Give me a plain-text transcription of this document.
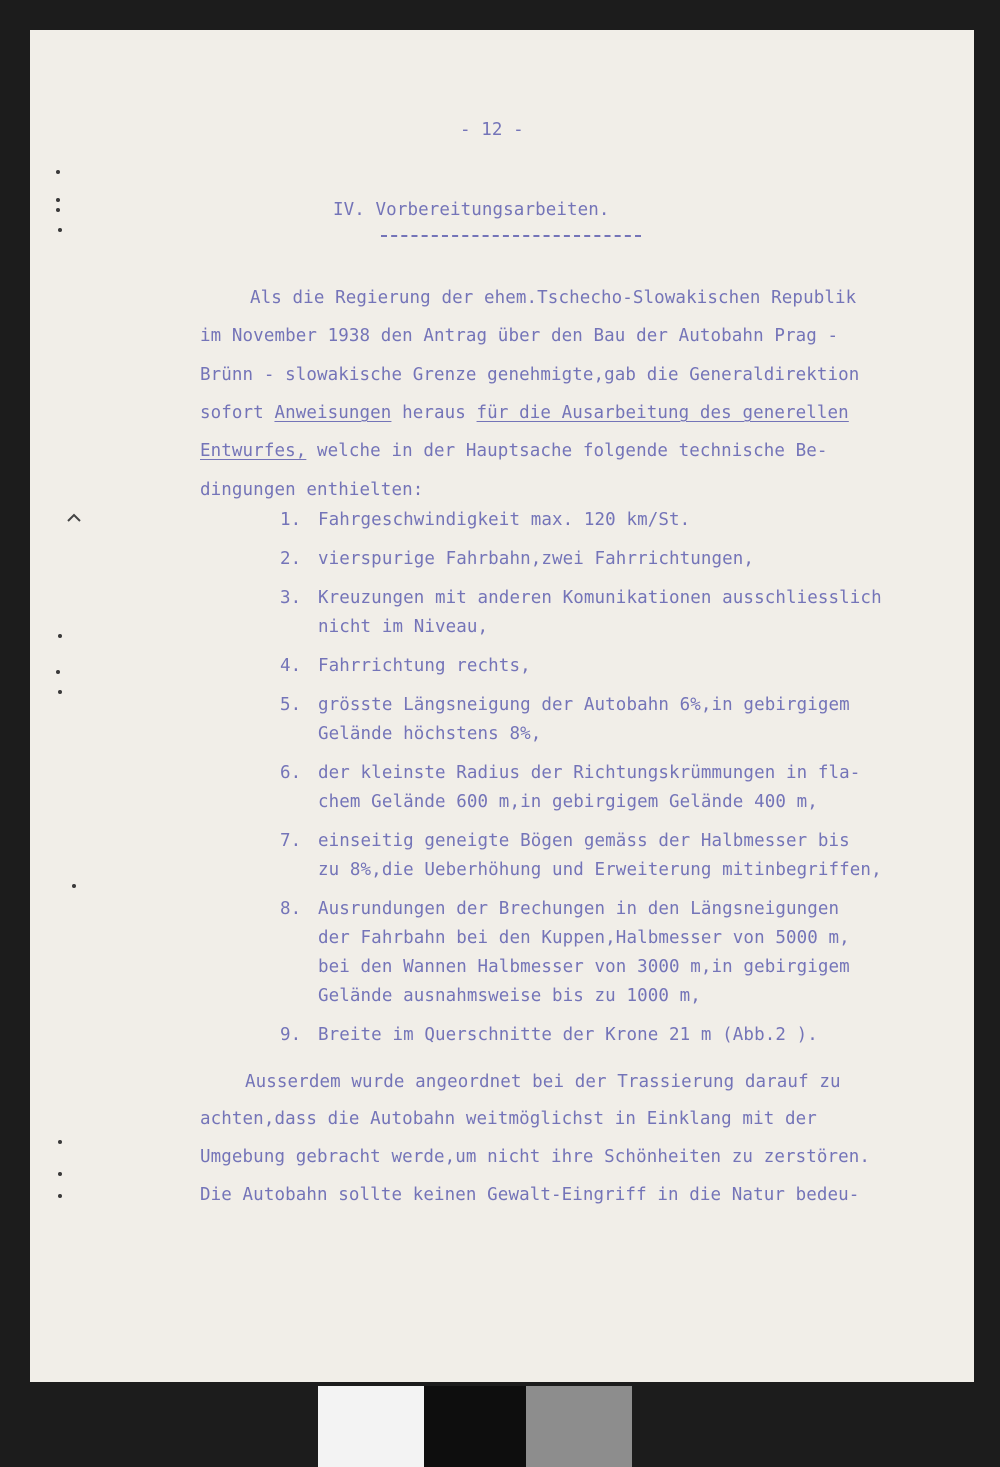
- 12 -
IV. Vorbereitungsarbeiten.
Als die Regierung der ehem.Tschecho-Slowakischen Republik
im November 1938 den Antrag über den Bau der Autobahn Prag -
Brünn - slowakische Grenze genehmigte,gab die Generaldirektion
sofort Anweisungen heraus für die Ausarbeitung des generellen
Entwurfes, welche in der Hauptsache folgende technische Be-
dingungen enthielten:
1. Fahrgeschwindigkeit max. 120 km/St.
2. vierspurige Fahrbahn,zwei Fahrrichtungen,
3. Kreuzungen mit anderen Komunikationen ausschliesslich
nicht im Niveau,
4. Fahrrichtung rechts,
5. grösste Längsneigung der Autobahn 6%,in gebirgigem
Gelände höchstens 8%,
6. der kleinste Radius der Richtungskrümmungen in fla-
chem Gelände 600 m,in gebirgigem Gelände 400 m,
7. einseitig geneigte Bögen gemäss der Halbmesser bis
zu 8%,die Ueberhöhung und Erweiterung mitinbegriffen,
8. Ausrundungen der Brechungen in den Längsneigungen
der Fahrbahn bei den Kuppen,Halbmesser von 5000 m,
bei den Wannen Halbmesser von 3000 m,in gebirgigem
Gelände ausnahmsweise bis zu 1000 m,
9. Breite im Querschnitte der Krone 21 m (Abb.2 ).
Ausserdem wurde angeordnet bei der Trassierung darauf zu
achten,dass die Autobahn weitmöglichst in Einklang mit der
Umgebung gebracht werde,um nicht ihre Schönheiten zu zerstören.
Die Autobahn sollte keinen Gewalt-Eingriff in die Natur bedeu-
